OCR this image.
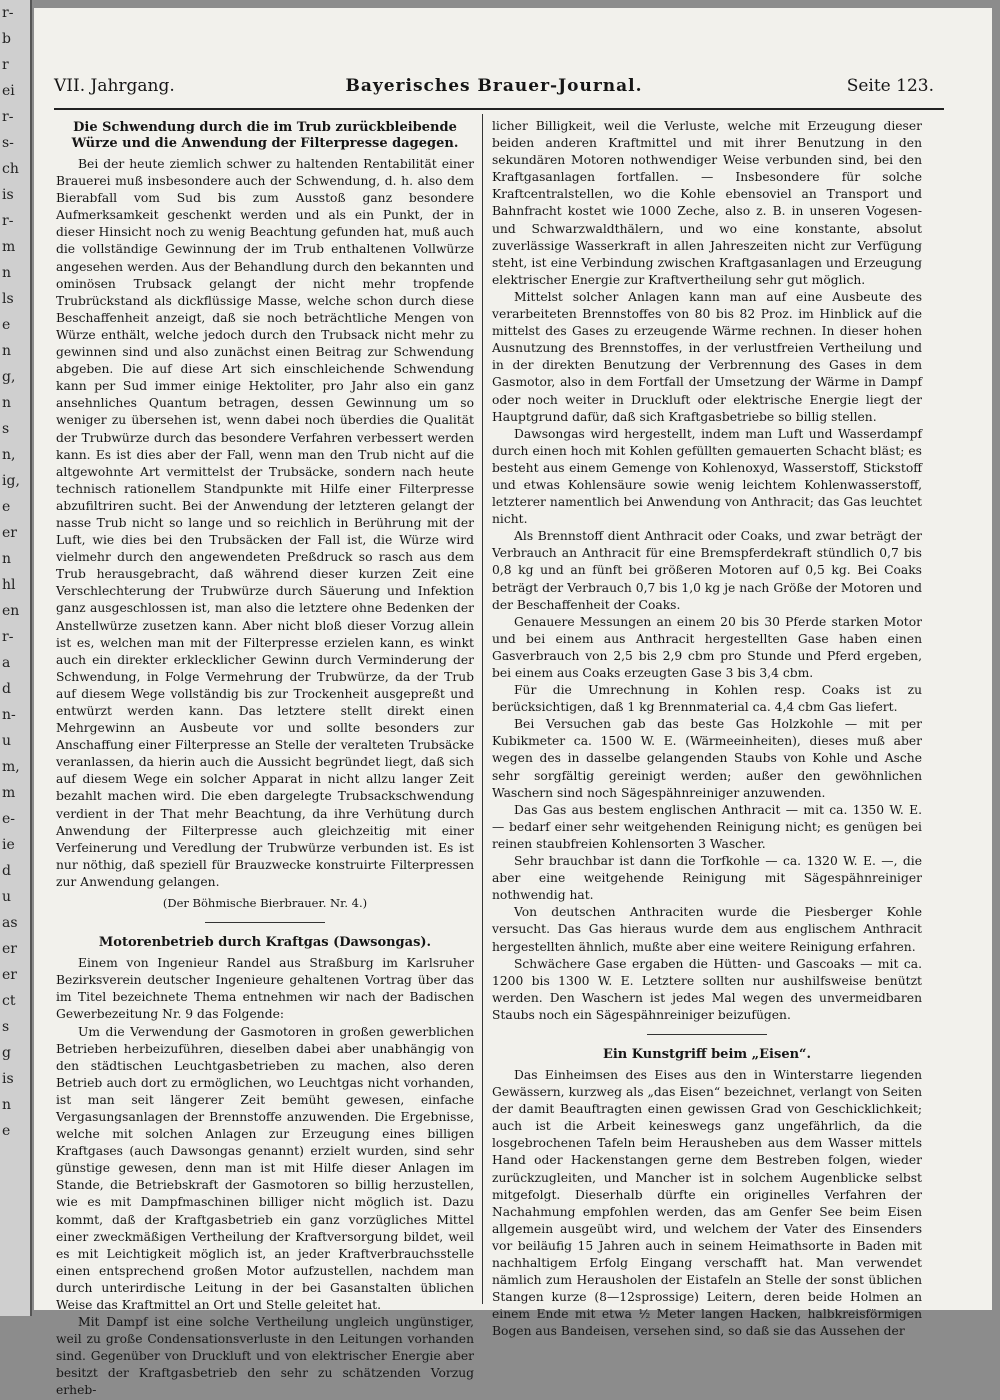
r-
b
r
ei
r-
s-
ch
is
r-
m
n
ls
e
n
g,
n
s
n,
ig,
e
er
n
hl
en
r-
a
d
n-
u
m,
m
e-
ie
d
u
as
er
er
ct
s
g
is
n
e
VII. Jahrgang.	Bayerisches Brauer-Journal.	Seite 123.
Die Schwendung durch die im Trub zurückbleibende Würze und die Anwendung der Filterpresse dagegen.

Bei der heute ziemlich schwer zu haltenden Rentabilität einer Brauerei muß insbesondere auch der Schwendung, d. h. also dem Bierabfall vom Sud bis zum Ausstoß ganz besondere Aufmerksamkeit geschenkt werden und als ein Punkt, der in dieser Hinsicht noch zu wenig Beachtung gefunden hat, muß auch die vollständige Gewinnung der im Trub enthaltenen Vollwürze angesehen werden. Aus der Behandlung durch den bekannten und ominösen Trubsack gelangt der nicht mehr tropfende Trubrückstand als dickflüssige Masse, welche schon durch diese Beschaffenheit anzeigt, daß sie noch beträchtliche Mengen von Würze enthält, welche jedoch durch den Trubsack nicht mehr zu gewinnen sind und also zunächst einen Beitrag zur Schwendung abgeben. Die auf diese Art sich einschleichende Schwendung kann per Sud immer einige Hektoliter, pro Jahr also ein ganz ansehnliches Quantum betragen, dessen Gewinnung um so weniger zu übersehen ist, wenn dabei noch überdies die Qualität der Trubwürze durch das besondere Verfahren verbessert werden kann. Es ist dies aber der Fall, wenn man den Trub nicht auf die altgewohnte Art vermittelst der Trubsäcke, sondern nach heute technisch rationellem Standpunkte mit Hilfe einer Filterpresse abzufiltriren sucht. Bei der Anwendung der letzteren gelangt der nasse Trub nicht so lange und so reichlich in Berührung mit der Luft, wie dies bei den Trubsäcken der Fall ist, die Würze wird vielmehr durch den angewendeten Preßdruck so rasch aus dem Trub herausgebracht, daß während dieser kurzen Zeit eine Verschlechterung der Trubwürze durch Säuerung und Infektion ganz ausgeschlossen ist, man also die letztere ohne Bedenken der Anstellwürze zusetzen kann. Aber nicht bloß dieser Vorzug allein ist es, welchen man mit der Filterpresse erzielen kann, es winkt auch ein direkter erklecklicher Gewinn durch Verminderung der Schwendung, in Folge Vermehrung der Trubwürze, da der Trub auf diesem Wege vollständig bis zur Trockenheit ausgepreßt und entwürzt werden kann. Das letztere stellt direkt einen Mehrgewinn an Ausbeute vor und sollte besonders zur Anschaffung einer Filterpresse an Stelle der veralteten Trubsäcke veranlassen, da hierin auch die Aussicht begründet liegt, daß sich auf diesem Wege ein solcher Apparat in nicht allzu langer Zeit bezahlt machen wird. Die eben dargelegte Trubsackschwendung verdient in der That mehr Beachtung, da ihre Verhütung durch Anwendung der Filterpresse auch gleichzeitig mit einer Verfeinerung und Veredlung der Trubwürze verbunden ist. Es ist nur nöthig, daß speziell für Brauzwecke konstruirte Filterpressen zur Anwendung gelangen.

(Der Böhmische Bierbrauer. Nr. 4.)

Motorenbetrieb durch Kraftgas (Dawsongas).

Einem von Ingenieur Randel aus Straßburg im Karlsruher Bezirksverein deutscher Ingenieure gehaltenen Vortrag über das im Titel bezeichnete Thema entnehmen wir nach der Badischen Gewerbezeitung Nr. 9 das Folgende:

Um die Verwendung der Gasmotoren in großen gewerblichen Betrieben herbeizuführen, dieselben dabei aber unabhängig von den städtischen Leuchtgasbetrieben zu machen, also deren Betrieb auch dort zu ermöglichen, wo Leuchtgas nicht vorhanden, ist man seit längerer Zeit bemüht gewesen, einfache Vergasungsanlagen der Brennstoffe anzuwenden. Die Ergebnisse, welche mit solchen Anlagen zur Erzeugung eines billigen Kraftgases (auch Dawsongas genannt) erzielt wurden, sind sehr günstige gewesen, denn man ist mit Hilfe dieser Anlagen im Stande, die Betriebskraft der Gasmotoren so billig herzustellen, wie es mit Dampfmaschinen billiger nicht möglich ist. Dazu kommt, daß der Kraftgasbetrieb ein ganz vorzügliches Mittel einer zweckmäßigen Vertheilung der Kraftversorgung bildet, weil es mit Leichtigkeit möglich ist, an jeder Kraftverbrauchsstelle einen entsprechend großen Motor aufzustellen, nachdem man durch unterirdische Leitung in der bei Gasanstalten üblichen Weise das Kraftmittel an Ort und Stelle geleitet hat.

Mit Dampf ist eine solche Vertheilung ungleich ungünstiger, weil zu große Condensationsverluste in den Leitungen vorhanden sind. Gegenüber von Druckluft und von elektrischer Energie aber besitzt der Kraftgasbetrieb den sehr zu schätzenden Vorzug erheb-

licher Billigkeit, weil die Verluste, welche mit Erzeugung dieser beiden anderen Kraftmittel und mit ihrer Benutzung in den sekundären Motoren nothwendiger Weise verbunden sind, bei den Kraftgasanlagen fortfallen. — Insbesondere für solche Kraftcentralstellen, wo die Kohle ebensoviel an Transport und Bahnfracht kostet wie 1000 Zeche, also z. B. in unseren Vogesen- und Schwarzwaldthälern, und wo eine konstante, absolut zuverlässige Wasserkraft in allen Jahreszeiten nicht zur Verfügung steht, ist eine Verbindung zwischen Kraftgasanlagen und Erzeugung elektrischer Energie zur Kraftvertheilung sehr gut möglich.

Mittelst solcher Anlagen kann man auf eine Ausbeute des verarbeiteten Brennstoffes von 80 bis 82 Proz. im Hinblick auf die mittelst des Gases zu erzeugende Wärme rechnen. In dieser hohen Ausnutzung des Brennstoffes, in der verlustfreien Vertheilung und in der direkten Benutzung der Verbrennung des Gases in dem Gasmotor, also in dem Fortfall der Umsetzung der Wärme in Dampf oder noch weiter in Druckluft oder elektrische Energie liegt der Hauptgrund dafür, daß sich Kraftgasbetriebe so billig stellen.

Dawsongas wird hergestellt, indem man Luft und Wasserdampf durch einen hoch mit Kohlen gefüllten gemauerten Schacht bläst; es besteht aus einem Gemenge von Kohlenoxyd, Wasserstoff, Stickstoff und etwas Kohlensäure sowie wenig leichtem Kohlenwasserstoff, letzterer namentlich bei Anwendung von Anthracit; das Gas leuchtet nicht.

Als Brennstoff dient Anthracit oder Coaks, und zwar beträgt der Verbrauch an Anthracit für eine Bremspferdekraft stündlich 0,7 bis 0,8 kg und an fünft bei größeren Motoren auf 0,5 kg. Bei Coaks beträgt der Verbrauch 0,7 bis 1,0 kg je nach Größe der Motoren und der Beschaffenheit der Coaks.

Genauere Messungen an einem 20 bis 30 Pferde starken Motor und bei einem aus Anthracit hergestellten Gase haben einen Gasverbrauch von 2,5 bis 2,9 cbm pro Stunde und Pferd ergeben, bei einem aus Coaks erzeugten Gase 3 bis 3,4 cbm.

Für die Umrechnung in Kohlen resp. Coaks ist zu berücksichtigen, daß 1 kg Brennmaterial ca. 4,4 cbm Gas liefert.

Bei Versuchen gab das beste Gas Holzkohle — mit per Kubikmeter ca. 1500 W. E. (Wärmeeinheiten), dieses muß aber wegen des in dasselbe gelangenden Staubs von Kohle und Asche sehr sorgfältig gereinigt werden; außer den gewöhnlichen Waschern sind noch Sägespähnreiniger anzuwenden.

Das Gas aus bestem englischen Anthracit — mit ca. 1350 W. E. — bedarf einer sehr weitgehenden Reinigung nicht; es genügen bei reinen staubfreien Kohlensorten 3 Wascher.

Sehr brauchbar ist dann die Torfkohle — ca. 1320 W. E. —, die aber eine weitgehende Reinigung mit Sägespähnreiniger nothwendig hat.

Von deutschen Anthraciten wurde die Piesberger Kohle versucht. Das Gas hieraus wurde dem aus englischem Anthracit hergestellten ähnlich, mußte aber eine weitere Reinigung erfahren.

Schwächere Gase ergaben die Hütten- und Gascoaks — mit ca. 1200 bis 1300 W. E. Letztere sollten nur aushilfsweise benützt werden. Den Waschern ist jedes Mal wegen des unvermeidbaren Staubs noch ein Sägespähnreiniger beizufügen.

Ein Kunstgriff beim „Eisen“.

Das Einheimsen des Eises aus den in Winterstarre liegenden Gewässern, kurzweg als „das Eisen“ bezeichnet, verlangt von Seiten der damit Beauftragten einen gewissen Grad von Geschicklichkeit; auch ist die Arbeit keineswegs ganz ungefährlich, da die losgebrochenen Tafeln beim Herausheben aus dem Wasser mittels Hand oder Hackenstangen gerne dem Bestreben folgen, wieder zurückzugleiten, und Mancher ist in solchem Augenblicke selbst mitgefolgt. Dieserhalb dürfte ein originelles Verfahren der Nachahmung empfohlen werden, das am Genfer See beim Eisen allgemein ausgeübt wird, und welchem der Vater des Einsenders vor beiläufig 15 Jahren auch in seinem Heimathsorte in Baden mit nachhaltigem Erfolg Eingang verschafft hat. Man verwendet nämlich zum Herausholen der Eistafeln an Stelle der sonst üblichen Stangen kurze (8—12sprossige) Leitern, deren beide Holmen an einem Ende mit etwa ½ Meter langen Hacken, halbkreisförmigen Bogen aus Bandeisen, versehen sind, so daß sie das Aussehen der
